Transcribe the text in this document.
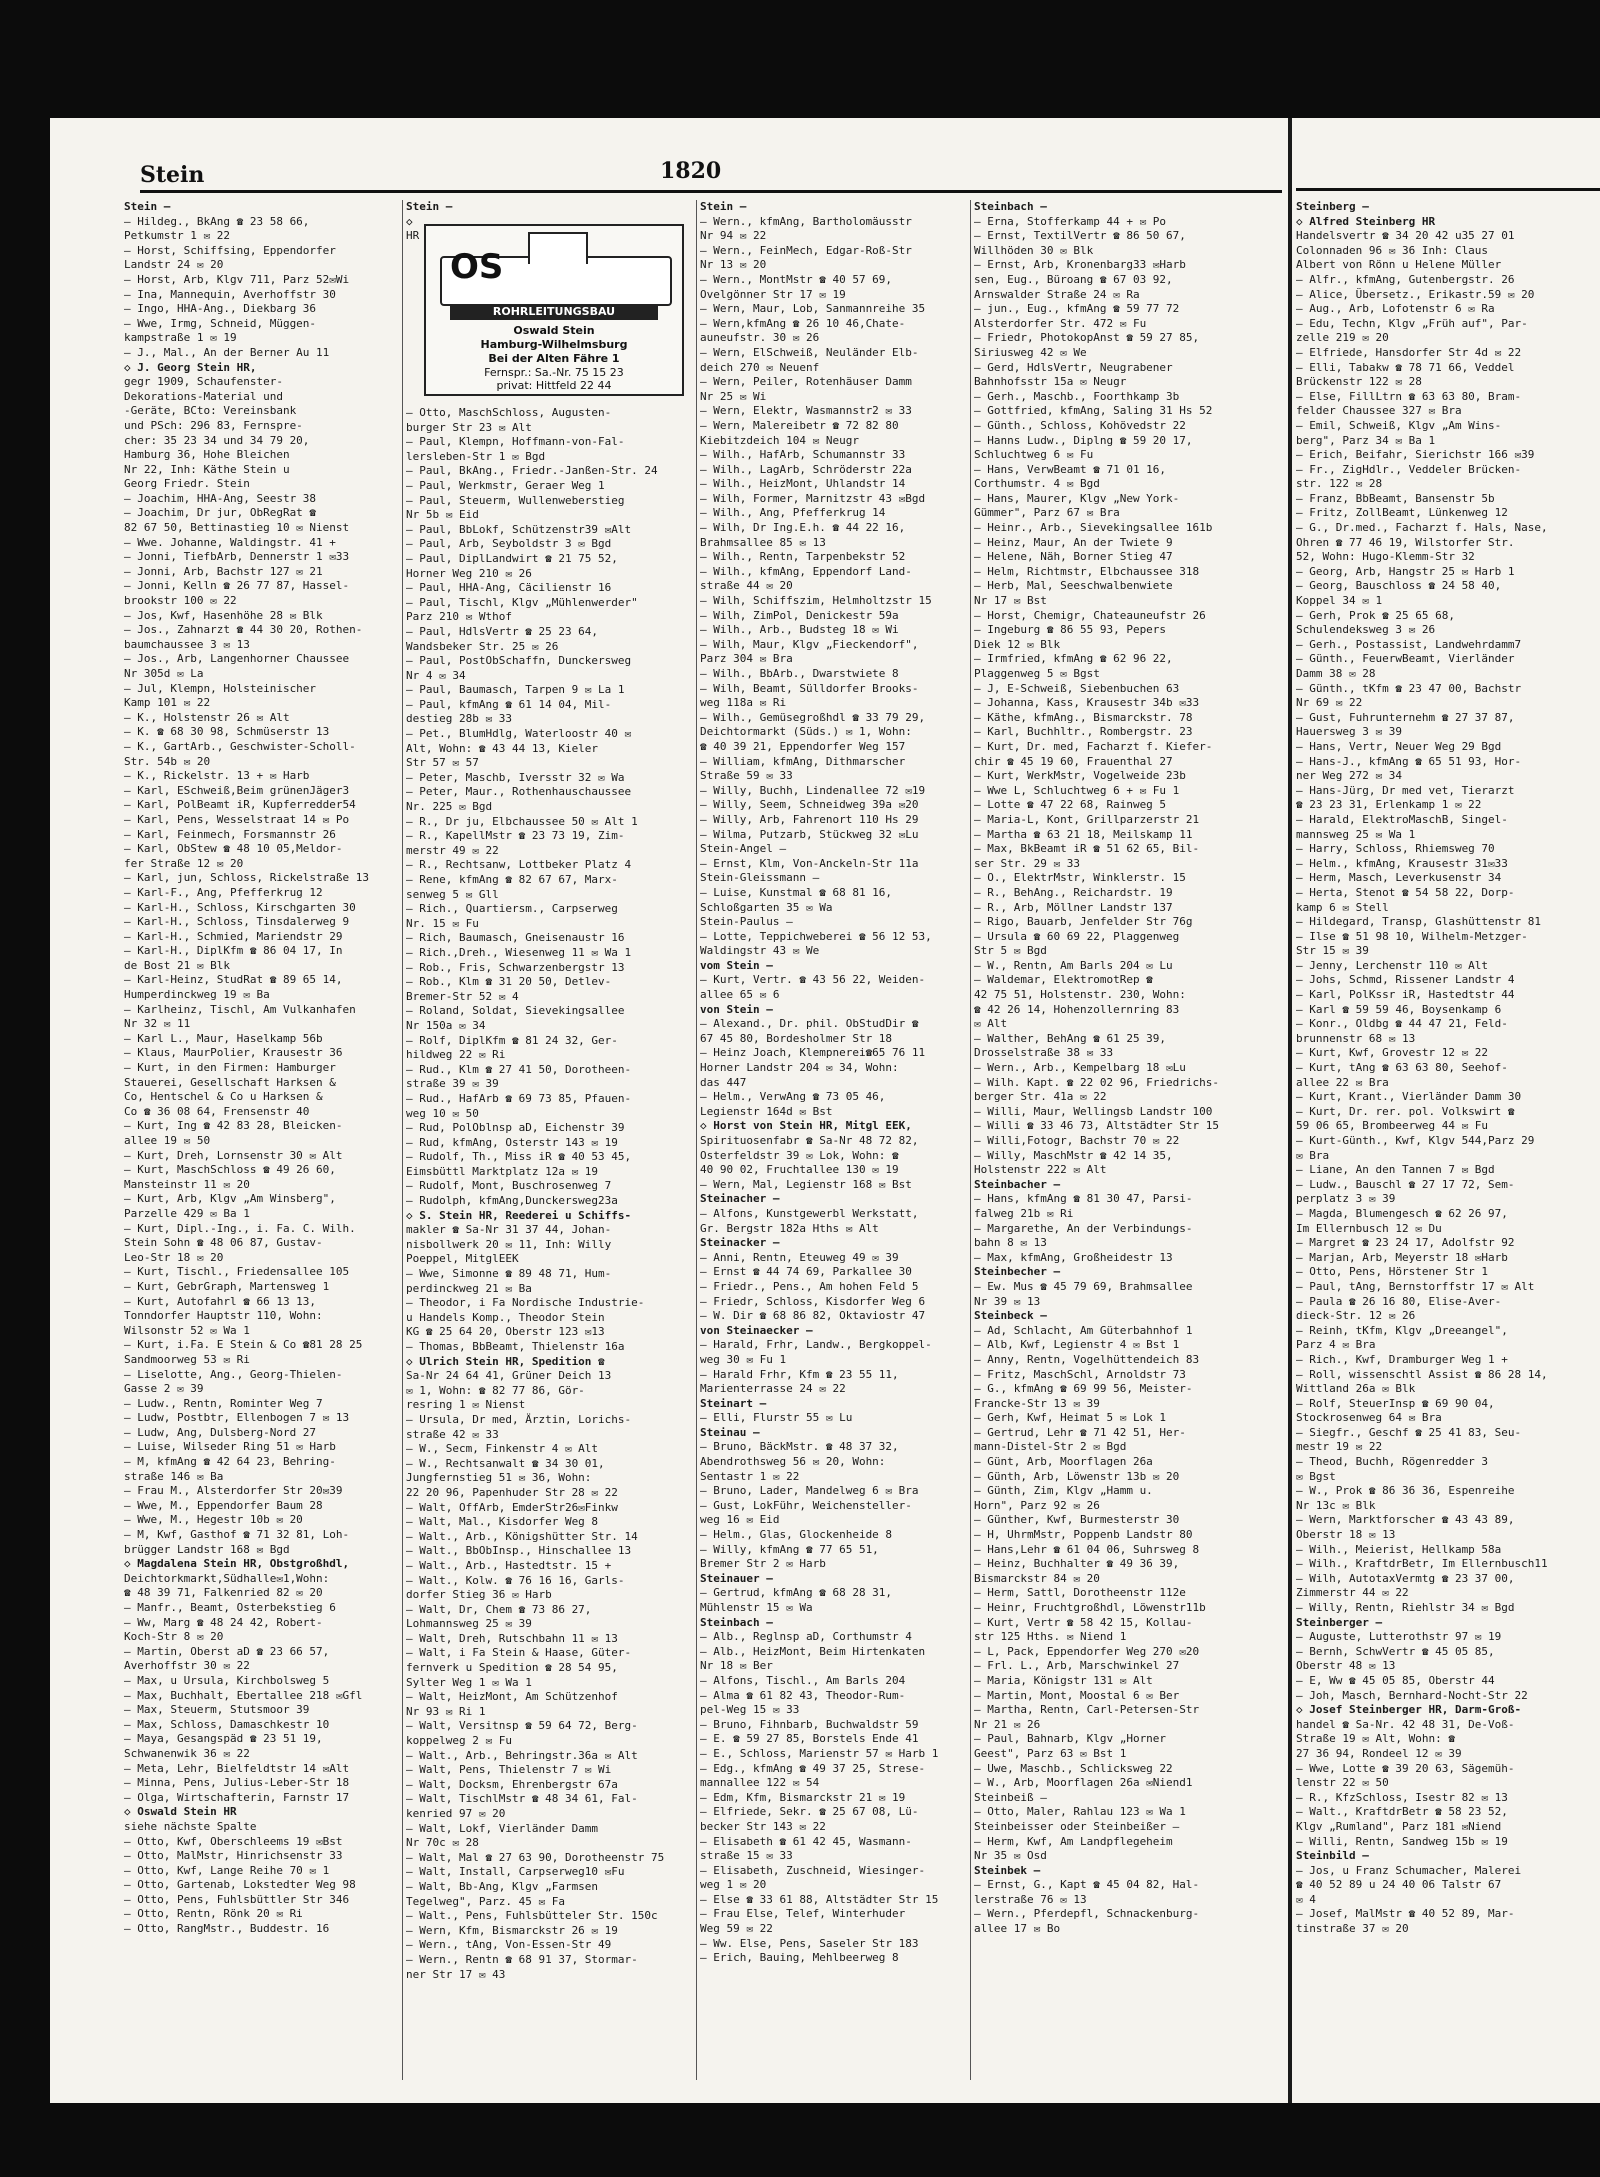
Stein	1820
Stein —
— Hildeg., BkAng ☎ 23 58 66,
Petkumstr 1 ✉ 22
— Horst, Schiffsing, Eppendorfer
Landstr 24 ✉ 20
— Horst, Arb, Klgv 711, Parz 52✉Wi
— Ina, Mannequin, Averhoffstr 30
— Ingo, HHA-Ang., Diekbarg 36
— Wwe, Irmg, Schneid, Müggen-
kampstraße 1 ✉ 19
— J., Mal., An der Berner Au 11
◇ J. Georg Stein HR,
gegr 1909, Schaufenster-
Dekorations-Material und
-Geräte, BCto: Vereinsbank
und PSch: 296 83, Fernspre-
cher: 35 23 34 und 34 79 20,
Hamburg 36, Hohe Bleichen
Nr 22, Inh: Käthe Stein u
Georg Friedr. Stein
— Joachim, HHA-Ang, Seestr 38
— Joachim, Dr jur, ObRegRat ☎
82 67 50, Bettinastieg 10 ✉ Nienst
— Wwe. Johanne, Waldingstr. 41 +
— Jonni, TiefbArb, Dennerstr 1 ✉33
— Jonni, Arb, Bachstr 127 ✉ 21
— Jonni, Kelln ☎ 26 77 87, Hassel-
brookstr 100 ✉ 22
— Jos, Kwf, Hasenhöhe 28 ✉ Blk
— Jos., Zahnarzt ☎ 44 30 20, Rothen-
baumchaussee 3 ✉ 13
— Jos., Arb, Langenhorner Chaussee
Nr 305d ✉ La
— Jul, Klempn, Holsteinischer
Kamp 101 ✉ 22
— K., Holstenstr 26 ✉ Alt
— K. ☎ 68 30 98, Schmüserstr 13
— K., GartArb., Geschwister-Scholl-
Str. 54b ✉ 20
— K., Rickelstr. 13 + ✉ Harb
— Karl, ESchweiß,Beim grünenJäger3
— Karl, PolBeamt iR, Kupferredder54
— Karl, Pens, Wesselstraat 14 ✉ Po
— Karl, Feinmech, Forsmannstr 26
— Karl, ObStew ☎ 48 10 05,Meldor-
fer Straße 12 ✉ 20
— Karl, jun, Schloss, Rickelstraße 13
— Karl-F., Ang, Pfefferkrug 12
— Karl-H., Schloss, Kirschgarten 30
— Karl-H., Schloss, Tinsdalerweg 9
— Karl-H., Schmied, Mariendstr 29
— Karl-H., DiplKfm ☎ 86 04 17, In
de Bost 21 ✉ Blk
— Karl-Heinz, StudRat ☎ 89 65 14,
Humperdinckweg 19 ✉ Ba
— Karlheinz, Tischl, Am Vulkanhafen
Nr 32 ✉ 11
— Karl L., Maur, Haselkamp 56b
— Klaus, MaurPolier, Krausestr 36
— Kurt, in den Firmen: Hamburger
Stauerei, Gesellschaft Harksen &
Co, Hentschel & Co u Harksen &
Co ☎ 36 08 64, Frensenstr 40
— Kurt, Ing ☎ 42 83 28, Bleicken-
allee 19 ✉ 50
— Kurt, Dreh, Lornsenstr 30 ✉ Alt
— Kurt, MaschSchloss ☎ 49 26 60,
Mansteinstr 11 ✉ 20
— Kurt, Arb, Klgv „Am Winsberg",
Parzelle 429 ✉ Ba 1
— Kurt, Dipl.-Ing., i. Fa. C. Wilh.
Stein Sohn ☎ 48 06 87, Gustav-
Leo-Str 18 ✉ 20
— Kurt, Tischl., Friedensallee 105
— Kurt, GebrGraph, Martensweg 1
— Kurt, Autofahrl ☎ 66 13 13,
Tonndorfer Hauptstr 110, Wohn:
Wilsonstr 52 ✉ Wa 1
— Kurt, i.Fa. E Stein & Co ☎81 28 25
Sandmoorweg 53 ✉ Ri
— Liselotte, Ang., Georg-Thielen-
Gasse 2 ✉ 39
— Ludw., Rentn, Rominter Weg 7
— Ludw, Postbtr, Ellenbogen 7 ✉ 13
— Ludw, Ang, Dulsberg-Nord 27
— Luise, Wilseder Ring 51 ✉ Harb
— M, kfmAng ☎ 42 64 23, Behring-
straße 146 ✉ Ba
— Frau M., Alsterdorfer Str 20✉39
— Wwe, M., Eppendorfer Baum 28
— Wwe, M., Hegestr 10b ✉ 20
— M, Kwf, Gasthof ☎ 71 32 81, Loh-
brügger Landstr 168 ✉ Bgd
◇ Magdalena Stein HR, Obstgroßhdl,
Deichtorkmarkt,Südhalle✉1,Wohn:
☎ 48 39 71, Falkenried 82 ✉ 20
— Manfr., Beamt, Osterbekstieg 6
— Ww, Marg ☎ 48 24 42, Robert-
Koch-Str 8 ✉ 20
— Martin, Oberst aD ☎ 23 66 57,
Averhoffstr 30 ✉ 22
— Max, u Ursula, Kirchbolsweg 5
— Max, Buchhalt, Ebertallee 218 ✉Gfl
— Max, Steuerm, Stutsmoor 39
— Max, Schloss, Damaschkestr 10
— Maya, Gesangspäd ☎ 23 51 19,
Schwanenwik 36 ✉ 22
— Meta, Lehr, Bielfeldtstr 14 ✉Alt
— Minna, Pens, Julius-Leber-Str 18
— Olga, Wirtschafterin, Farnstr 17
◇ Oswald Stein HR
siehe nächste Spalte
— Otto, Kwf, Oberschleems 19 ✉Bst
— Otto, MalMstr, Hinrichsenstr 33
— Otto, Kwf, Lange Reihe 70 ✉ 1
— Otto, Gartenab, Lokstedter Weg 98
— Otto, Pens, Fuhlsbüttler Str 346
— Otto, Rentn, Rönk 20 ✉ Ri
— Otto, RangMstr., Buddestr. 16
Stein —
◇
HR
OS
ROHRLEITUNGSBAU
Oswald Stein
Hamburg-Wilhelmsburg
Bei der Alten Fähre 1
Fernspr.: Sa.-Nr. 75 15 23
privat: Hittfeld 22 44
— Otto, MaschSchloss, Augusten-
burger Str 23 ✉ Alt
— Paul, Klempn, Hoffmann-von-Fal-
lersleben-Str 1 ✉ Bgd
— Paul, BkAng., Friedr.-Janßen-Str. 24
— Paul, Werkmstr, Geraer Weg 1
— Paul, Steuerm, Wullenweberstieg
Nr 5b ✉ Eid
— Paul, BbLokf, Schützenstr39 ✉Alt
— Paul, Arb, Seyboldstr 3 ✉ Bgd
— Paul, DiplLandwirt ☎ 21 75 52,
Horner Weg 210 ✉ 26
— Paul, HHA-Ang, Cäcilienstr 16
— Paul, Tischl, Klgv „Mühlenwerder"
Parz 210 ✉ Wthof
— Paul, HdlsVertr ☎ 25 23 64,
Wandsbeker Str. 25 ✉ 26
— Paul, PostObSchaffn, Dunckersweg
Nr 4 ✉ 34
— Paul, Baumasch, Tarpen 9 ✉ La 1
— Paul, kfmAng ☎ 61 14 04, Mil-
destieg 28b ✉ 33
— Pet., BlumHdlg, Waterloostr 40 ✉
Alt, Wohn: ☎ 43 44 13, Kieler
Str 57 ✉ 57
— Peter, Maschb, Iversstr 32 ✉ Wa
— Peter, Maur., Rothenhauschaussee
Nr. 225 ✉ Bgd
— R., Dr ju, Elbchaussee 50 ✉ Alt 1
— R., KapellMstr ☎ 23 73 19, Zim-
merstr 49 ✉ 22
— R., Rechtsanw, Lottbeker Platz 4
— Rene, kfmAng ☎ 82 67 67, Marx-
senweg 5 ✉ Gll
— Rich., Quartiersm., Carpserweg
Nr. 15 ✉ Fu
— Rich, Baumasch, Gneisenaustr 16
— Rich.,Dreh., Wiesenweg 11 ✉ Wa 1
— Rob., Fris, Schwarzenbergstr 13
— Rob., Klm ☎ 31 20 50, Detlev-
Bremer-Str 52 ✉ 4
— Roland, Soldat, Sievekingsallee
Nr 150a ✉ 34
— Rolf, DiplKfm ☎ 81 24 32, Ger-
hildweg 22 ✉ Ri
— Rud., Klm ☎ 27 41 50, Dorotheen-
straße 39 ✉ 39
— Rud., HafArb ☎ 69 73 85, Pfauen-
weg 10 ✉ 50
— Rud, PolOblnsp aD, Eichenstr 39
— Rud, kfmAng, Osterstr 143 ✉ 19
— Rudolf, Th., Miss iR ☎ 40 53 45,
Eimsbüttl Marktplatz 12a ✉ 19
— Rudolf, Mont, Buschrosenweg 7
— Rudolph, kfmAng,Dunckersweg23a
◇ S. Stein HR, Reederei u Schiffs-
makler ☎ Sa-Nr 31 37 44, Johan-
nisbollwerk 20 ✉ 11, Inh: Willy
Poeppel, MitglEEK
— Wwe, Simonne ☎ 89 48 71, Hum-
perdinckweg 21 ✉ Ba
— Theodor, i Fa Nordische Industrie-
u Handels Komp., Theodor Stein
KG ☎ 25 64 20, Oberstr 123 ✉13
— Thomas, BbBeamt, Thielenstr 16a
◇ Ulrich Stein HR, Spedition ☎
Sa-Nr 24 64 41, Grüner Deich 13
✉ 1, Wohn: ☎ 82 77 86, Gör-
resring 1 ✉ Nienst
— Ursula, Dr med, Ärztin, Lorichs-
straße 42 ✉ 33
— W., Secm, Finkenstr 4 ✉ Alt
— W., Rechtsanwalt ☎ 34 30 01,
Jungfernstieg 51 ✉ 36, Wohn:
22 20 96, Papenhuder Str 28 ✉ 22
— Walt, OffArb, EmderStr26✉Finkw
— Walt, Mal., Kisdorfer Weg 8
— Walt., Arb., Königshütter Str. 14
— Walt., BbObInsp., Hinschallee 13
— Walt., Arb., Hastedtstr. 15 +
— Walt., Kolw. ☎ 76 16 16, Garls-
dorfer Stieg 36 ✉ Harb
— Walt, Dr, Chem ☎ 73 86 27,
Lohmannsweg 25 ✉ 39
— Walt, Dreh, Rutschbahn 11 ✉ 13
— Walt, i Fa Stein & Haase, Güter-
fernverk u Spedition ☎ 28 54 95,
Sylter Weg 1 ✉ Wa 1
— Walt, HeizMont, Am Schützenhof
Nr 93 ✉ Ri 1
— Walt, Versitnsp ☎ 59 64 72, Berg-
koppelweg 2 ✉ Fu
— Walt., Arb., Behringstr.36a ✉ Alt
— Walt, Pens, Thielenstr 7 ✉ Wi
— Walt, Docksm, Ehrenbergstr 67a
— Walt, TischlMstr ☎ 48 34 61, Fal-
kenried 97 ✉ 20
— Walt, Lokf, Vierländer Damm
Nr 70c ✉ 28
— Walt, Mal ☎ 27 63 90, Dorotheenstr 75
— Walt, Install, Carpserweg10 ✉Fu
— Walt, Bb-Ang, Klgv „Farmsen
Tegelweg", Parz. 45 ✉ Fa
— Walt., Pens, Fuhlsbütteler Str. 150c
— Wern, Kfm, Bismarckstr 26 ✉ 19
— Wern., tAng, Von-Essen-Str 49
— Wern., Rentn ☎ 68 91 37, Stormar-
ner Str 17 ✉ 43
Stein —
— Wern., kfmAng, Bartholomäusstr
Nr 94 ✉ 22
— Wern., FeinMech, Edgar-Roß-Str
Nr 13 ✉ 20
— Wern., MontMstr ☎ 40 57 69,
Ovelgönner Str 17 ✉ 19
— Wern, Maur, Lob, Sanmannreihe 35
— Wern,kfmAng ☎ 26 10 46,Chate-
auneufstr. 30 ✉ 26
— Wern, ElSchweiß, Neuländer Elb-
deich 270 ✉ Neuenf
— Wern, Peiler, Rotenhäuser Damm
Nr 25 ✉ Wi
— Wern, Elektr, Wasmannstr2 ✉ 33
— Wern, Malereibetr ☎ 72 82 80
Kiebitzdeich 104 ✉ Neugr
— Wilh., HafArb, Schumannstr 33
— Wilh., LagArb, Schröderstr 22a
— Wilh., HeizMont, Uhlandstr 14
— Wilh, Former, Marnitzstr 43 ✉Bgd
— Wilh., Ang, Pfefferkrug 14
— Wilh, Dr Ing.E.h. ☎ 44 22 16,
Brahmsallee 85 ✉ 13
— Wilh., Rentn, Tarpenbekstr 52
— Wilh., kfmAng, Eppendorf Land-
straße 44 ✉ 20
— Wilh, Schiffszim, Helmholtzstr 15
— Wilh, ZimPol, Denickestr 59a
— Wilh., Arb., Budsteg 18 ✉ Wi
— Wilh, Maur, Klgv „Fieckendorf",
Parz 304 ✉ Bra
— Wilh., BbArb., Dwarstwiete 8
— Wilh, Beamt, Sülldorfer Brooks-
weg 118a ✉ Ri
— Wilh., Gemüsegroßhdl ☎ 33 79 29,
Deichtormarkt (Süds.) ✉ 1, Wohn:
☎ 40 39 21, Eppendorfer Weg 157
— William, kfmAng, Dithmarscher
Straße 59 ✉ 33
— Willy, Buchh, Lindenallee 72 ✉19
— Willy, Seem, Schneidweg 39a ✉20
— Willy, Arb, Fahrenort 110 Hs 29
— Wilma, Putzarb, Stückweg 32 ✉Lu
Stein-Angel —
— Ernst, Klm, Von-Anckeln-Str 11a
Stein-Gleissmann —
— Luise, Kunstmal ☎ 68 81 16,
Schloßgarten 35 ✉ Wa
Stein-Paulus —
— Lotte, Teppichweberei ☎ 56 12 53,
Waldingstr 43 ✉ We
vom Stein —
— Kurt, Vertr. ☎ 43 56 22, Weiden-
allee 65 ✉ 6
von Stein —
— Alexand., Dr. phil. ObStudDir ☎
67 45 80, Bordesholmer Str 18
— Heinz Joach, Klempnerei☎65 76 11
Horner Landstr 204 ✉ 34, Wohn:
das 447
— Helm., VerwAng ☎ 73 05 46,
Legienstr 164d ✉ Bst
◇ Horst von Stein HR, Mitgl EEK,
Spirituosenfabr ☎ Sa-Nr 48 72 82,
Osterfeldstr 39 ✉ Lok, Wohn: ☎
40 90 02, Fruchtallee 130 ✉ 19
— Wern, Mal, Legienstr 168 ✉ Bst
Steinacher —
— Alfons, Kunstgewerbl Werkstatt,
Gr. Bergstr 182a Hths ✉ Alt
Steinacker —
— Anni, Rentn, Eteuweg 49 ✉ 39
— Ernst ☎ 44 74 69, Parkallee 30
— Friedr., Pens., Am hohen Feld 5
— Friedr, Schloss, Kisdorfer Weg 6
— W. Dir ☎ 68 86 82, Oktaviostr 47
von Steinaecker —
— Harald, Frhr, Landw., Bergkoppel-
weg 30 ✉ Fu 1
— Harald Frhr, Kfm ☎ 23 55 11,
Marienterrasse 24 ✉ 22
Steinart —
— Elli, Flurstr 55 ✉ Lu
Steinau —
— Bruno, BäckMstr. ☎ 48 37 32,
Abendrothsweg 56 ✉ 20, Wohn:
Sentastr 1 ✉ 22
— Bruno, Lader, Mandelweg 6 ✉ Bra
— Gust, LokFühr, Weichensteller-
weg 16 ✉ Eid
— Helm., Glas, Glockenheide 8
— Willy, kfmAng ☎ 77 65 51,
Bremer Str 2 ✉ Harb
Steinauer —
— Gertrud, kfmAng ☎ 68 28 31,
Mühlenstr 15 ✉ Wa
Steinbach —
— Alb., Reglnsp aD, Corthumstr 4
— Alb., HeizMont, Beim Hirtenkaten
Nr 18 ✉ Ber
— Alfons, Tischl., Am Barls 204
— Alma ☎ 61 82 43, Theodor-Rum-
pel-Weg 15 ✉ 33
— Bruno, Fihnbarb, Buchwaldstr 59
— E. ☎ 59 27 85, Borstels Ende 41
— E., Schloss, Marienstr 57 ✉ Harb 1
— Edg., kfmAng ☎ 49 37 25, Strese-
mannallee 122 ✉ 54
— Edm, Kfm, Bismarckstr 21 ✉ 19
— Elfriede, Sekr. ☎ 25 67 08, Lü-
becker Str 143 ✉ 22
— Elisabeth ☎ 61 42 45, Wasmann-
straße 15 ✉ 33
— Elisabeth, Zuschneid, Wiesinger-
weg 1 ✉ 20
— Else ☎ 33 61 88, Altstädter Str 15
— Frau Else, Telef, Winterhuder
Weg 59 ✉ 22
— Ww. Else, Pens, Saseler Str 183
— Erich, Bauing, Mehlbeerweg 8
Steinbach —
— Erna, Stofferkamp 44 + ✉ Po
— Ernst, TextilVertr ☎ 86 50 67,
Willhöden 30 ✉ Blk
— Ernst, Arb, Kronenbarg33 ✉Harb
sen, Eug., Büroang ☎ 67 03 92,
Arnswalder Straße 24 ✉ Ra
— jun., Eug., kfmAng ☎ 59 77 72
Alsterdorfer Str. 472 ✉ Fu
— Friedr, PhotokopAnst ☎ 59 27 85,
Siriusweg 42 ✉ We
— Gerd, HdlsVertr, Neugrabener
Bahnhofsstr 15a ✉ Neugr
— Gerh., Maschb., Foorthkamp 3b
— Gottfried, kfmAng, Saling 31 Hs 52
— Günth., Schloss, Kohövedstr 22
— Hanns Ludw., Diplng ☎ 59 20 17,
Schluchtweg 6 ✉ Fu
— Hans, VerwBeamt ☎ 71 01 16,
Corthumstr. 4 ✉ Bgd
— Hans, Maurer, Klgv „New York-
Gümmer", Parz 67 ✉ Bra
— Heinr., Arb., Sievekingsallee 161b
— Heinz, Maur, An der Twiete 9
— Helene, Näh, Borner Stieg 47
— Helm, Richtmstr, Elbchaussee 318
— Herb, Mal, Seeschwalbenwiete
Nr 17 ✉ Bst
— Horst, Chemigr, Chateauneufstr 26
— Ingeburg ☎ 86 55 93, Pepers
Diek 12 ✉ Blk
— Irmfried, kfmAng ☎ 62 96 22,
Plaggenweg 5 ✉ Bgst
— J, E-Schweiß, Siebenbuchen 63
— Johanna, Kass, Krausestr 34b ✉33
— Käthe, kfmAng., Bismarckstr. 78
— Karl, Buchhltr., Rombergstr. 23
— Kurt, Dr. med, Facharzt f. Kiefer-
chir ☎ 45 19 60, Frauenthal 27
— Kurt, WerkMstr, Vogelweide 23b
— Wwe L, Schluchtweg 6 + ✉ Fu 1
— Lotte ☎ 47 22 68, Rainweg 5
— Maria-L, Kont, Grillparzerstr 21
— Martha ☎ 63 21 18, Meilskamp 11
— Max, BkBeamt iR ☎ 51 62 65, Bil-
ser Str. 29 ✉ 33
— O., ElektrMstr, Winklerstr. 15
— R., BehAng., Reichardstr. 19
— R., Arb, Möllner Landstr 137
— Rigo, Bauarb, Jenfelder Str 76g
— Ursula ☎ 60 69 22, Plaggenweg
Str 5 ✉ Bgd
— W., Rentn, Am Barls 204 ✉ Lu
— Waldemar, ElektromotRep ☎
42 75 51, Holstenstr. 230, Wohn:
☎ 42 26 14, Hohenzollernring 83
✉ Alt
— Walther, BehAng ☎ 61 25 39,
Drosselstraße 38 ✉ 33
— Wern., Arb., Kempelbarg 18 ✉Lu
— Wilh. Kapt. ☎ 22 02 96, Friedrichs-
berger Str. 41a ✉ 22
— Willi, Maur, Wellingsb Landstr 100
— Willi ☎ 33 46 73, Altstädter Str 15
— Willi,Fotogr, Bachstr 70 ✉ 22
— Willy, MaschMstr ☎ 42 14 35,
Holstenstr 222 ✉ Alt
Steinbacher —
— Hans, kfmAng ☎ 81 30 47, Parsi-
falweg 21b ✉ Ri
— Margarethe, An der Verbindungs-
bahn 8 ✉ 13
— Max, kfmAng, Großheidestr 13
Steinbecher —
— Ew. Mus ☎ 45 79 69, Brahmsallee
Nr 39 ✉ 13
Steinbeck —
— Ad, Schlacht, Am Güterbahnhof 1
— Alb, Kwf, Legienstr 4 ✉ Bst 1
— Anny, Rentn, Vogelhüttendeich 83
— Fritz, MaschSchl, Arnoldstr 73
— G., kfmAng ☎ 69 99 56, Meister-
Francke-Str 13 ✉ 39
— Gerh, Kwf, Heimat 5 ✉ Lok 1
— Gertrud, Lehr ☎ 71 42 51, Her-
mann-Distel-Str 2 ✉ Bgd
— Günt, Arb, Moorflagen 26a
— Günth, Arb, Löwenstr 13b ✉ 20
— Günth, Zim, Klgv „Hamm u.
Horn", Parz 92 ✉ 26
— Günther, Kwf, Burmesterstr 30
— H, UhrmMstr, Poppenb Landstr 80
— Hans,Lehr ☎ 61 04 06, Suhrsweg 8
— Heinz, Buchhalter ☎ 49 36 39,
Bismarckstr 84 ✉ 20
— Herm, Sattl, Dorotheenstr 112e
— Heinr, Fruchtgroßhdl, Löwenstr11b
— Kurt, Vertr ☎ 58 42 15, Kollau-
str 125 Hths. ✉ Niend 1
— L, Pack, Eppendorfer Weg 270 ✉20
— Frl. L., Arb, Marschwinkel 27
— Maria, Königstr 131 ✉ Alt
— Martin, Mont, Moostal 6 ✉ Ber
— Martha, Rentn, Carl-Petersen-Str
Nr 21 ✉ 26
— Paul, Bahnarb, Klgv „Horner
Geest", Parz 63 ✉ Bst 1
— Uwe, Maschb., Schlicksweg 22
— W., Arb, Moorflagen 26a ✉Niend1
Steinbeiß —
— Otto, Maler, Rahlau 123 ✉ Wa 1
Steinbeisser oder Steinbeißer —
— Herm, Kwf, Am Landpflegeheim
Nr 35 ✉ Osd
Steinbek —
— Ernst, G., Kapt ☎ 45 04 82, Hal-
lerstraße 76 ✉ 13
— Wern., Pferdepfl, Schnackenburg-
allee 17 ✉ Bo
Steinberg —
◇ Alfred Steinberg HR
Handelsvertr ☎ 34 20 42 u35 27 01
Colonnaden 96 ✉ 36 Inh: Claus
Albert von Rönn u Helene Müller
— Alfr., kfmAng, Gutenbergstr. 26
— Alice, Übersetz., Erikastr.59 ✉ 20
— Aug., Arb, Lofotenstr 6 ✉ Ra
— Edu, Techn, Klgv „Früh auf", Par-
zelle 219 ✉ 20
— Elfriede, Hansdorfer Str 4d ✉ 22
— Elli, Tabakw ☎ 78 71 66, Veddel
Brückenstr 122 ✉ 28
— Else, FillLtrn ☎ 63 63 80, Bram-
felder Chaussee 327 ✉ Bra
— Emil, Schweiß, Klgv „Am Wins-
berg", Parz 34 ✉ Ba 1
— Erich, Beifahr, Sierichstr 166 ✉39
— Fr., ZigHdlr., Veddeler Brücken-
str. 122 ✉ 28
— Franz, BbBeamt, Bansenstr 5b
— Fritz, ZollBeamt, Lünkenweg 12
— G., Dr.med., Facharzt f. Hals, Nase,
Ohren ☎ 77 46 19, Wilstorfer Str.
52, Wohn: Hugo-Klemm-Str 32
— Georg, Arb, Hangstr 25 ✉ Harb 1
— Georg, Bauschloss ☎ 24 58 40,
Koppel 34 ✉ 1
— Gerh, Prok ☎ 25 65 68,
Schulendeksweg 3 ✉ 26
— Gerh., Postassist, Landwehrdamm7
— Günth., FeuerwBeamt, Vierländer
Damm 38 ✉ 28
— Günth., tKfm ☎ 23 47 00, Bachstr
Nr 69 ✉ 22
— Gust, Fuhrunternehm ☎ 27 37 87,
Hauersweg 3 ✉ 39
— Hans, Vertr, Neuer Weg 29 Bgd
— Hans-J., kfmAng ☎ 65 51 93, Hor-
ner Weg 272 ✉ 34
— Hans-Jürg, Dr med vet, Tierarzt
☎ 23 23 31, Erlenkamp 1 ✉ 22
— Harald, ElektroMaschB, Singel-
mannsweg 25 ✉ Wa 1
— Harry, Schloss, Rhiemsweg 70
— Helm., kfmAng, Krausestr 31✉33
— Herm, Masch, Leverkusenstr 34
— Herta, Stenot ☎ 54 58 22, Dorp-
kamp 6 ✉ Stell
— Hildegard, Transp, Glashüttenstr 81
— Ilse ☎ 51 98 10, Wilhelm-Metzger-
Str 15 ✉ 39
— Jenny, Lerchenstr 110 ✉ Alt
— Johs, Schmd, Rissener Landstr 4
— Karl, PolKssr iR, Hastedtstr 44
— Karl ☎ 59 59 46, Boysenkamp 6
— Konr., Oldbg ☎ 44 47 21, Feld-
brunnenstr 68 ✉ 13
— Kurt, Kwf, Grovestr 12 ✉ 22
— Kurt, tAng ☎ 63 63 80, Seehof-
allee 22 ✉ Bra
— Kurt, Krant., Vierländer Damm 30
— Kurt, Dr. rer. pol. Volkswirt ☎
59 06 65, Brombeerweg 44 ✉ Fu
— Kurt-Günth., Kwf, Klgv 544,Parz 29
✉ Bra
— Liane, An den Tannen 7 ✉ Bgd
— Ludw., Bauschl ☎ 27 17 72, Sem-
perplatz 3 ✉ 39
— Magda, Blumengesch ☎ 62 26 97,
Im Ellernbusch 12 ✉ Du
— Margret ☎ 23 24 17, Adolfstr 92
— Marjan, Arb, Meyerstr 18 ✉Harb
— Otto, Pens, Hörstener Str 1
— Paul, tAng, Bernstorffstr 17 ✉ Alt
— Paula ☎ 26 16 80, Elise-Aver-
dieck-Str. 12 ✉ 26
— Reinh, tKfm, Klgv „Dreeangel",
Parz 4 ✉ Bra
— Rich., Kwf, Dramburger Weg 1 +
— Roll, wissenschtl Assist ☎ 86 28 14,
Wittland 26a ✉ Blk
— Rolf, SteuerInsp ☎ 69 90 04,
Stockrosenweg 64 ✉ Bra
— Siegfr., Geschf ☎ 25 41 83, Seu-
mestr 19 ✉ 22
— Theod, Buchh, Rögenredder 3
✉ Bgst
— W., Prok ☎ 86 36 36, Espenreihe
Nr 13c ✉ Blk
— Wern, Marktforscher ☎ 43 43 89,
Oberstr 18 ✉ 13
— Wilh., Meierist, Hellkamp 58a
— Wilh., KraftdrBetr, Im Ellernbusch11
— Wilh, AutotaxVermtg ☎ 23 37 00,
Zimmerstr 44 ✉ 22
— Willy, Rentn, Riehlstr 34 ✉ Bgd
Steinberger —
— Auguste, Lutterothstr 97 ✉ 19
— Bernh, SchwVertr ☎ 45 05 85,
Oberstr 48 ✉ 13
— E, Ww ☎ 45 05 85, Oberstr 44
— Joh, Masch, Bernhard-Nocht-Str 22
◇ Josef Steinberger HR, Darm-Groß-
handel ☎ Sa-Nr. 42 48 31, De-Voß-
Straße 19 ✉ Alt, Wohn: ☎
27 36 94, Rondeel 12 ✉ 39
— Wwe, Lotte ☎ 39 20 63, Sägemüh-
lenstr 22 ✉ 50
— R., KfzSchloss, Isestr 82 ✉ 13
— Walt., KraftdrBetr ☎ 58 23 52,
Klgv „Rumland", Parz 181 ✉Niend
— Willi, Rentn, Sandweg 15b ✉ 19
Steinbild —
— Jos, u Franz Schumacher, Malerei
☎ 40 52 89 u 24 40 06 Talstr 67
✉ 4
— Josef, MalMstr ☎ 40 52 89, Mar-
tinstraße 37 ✉ 20
